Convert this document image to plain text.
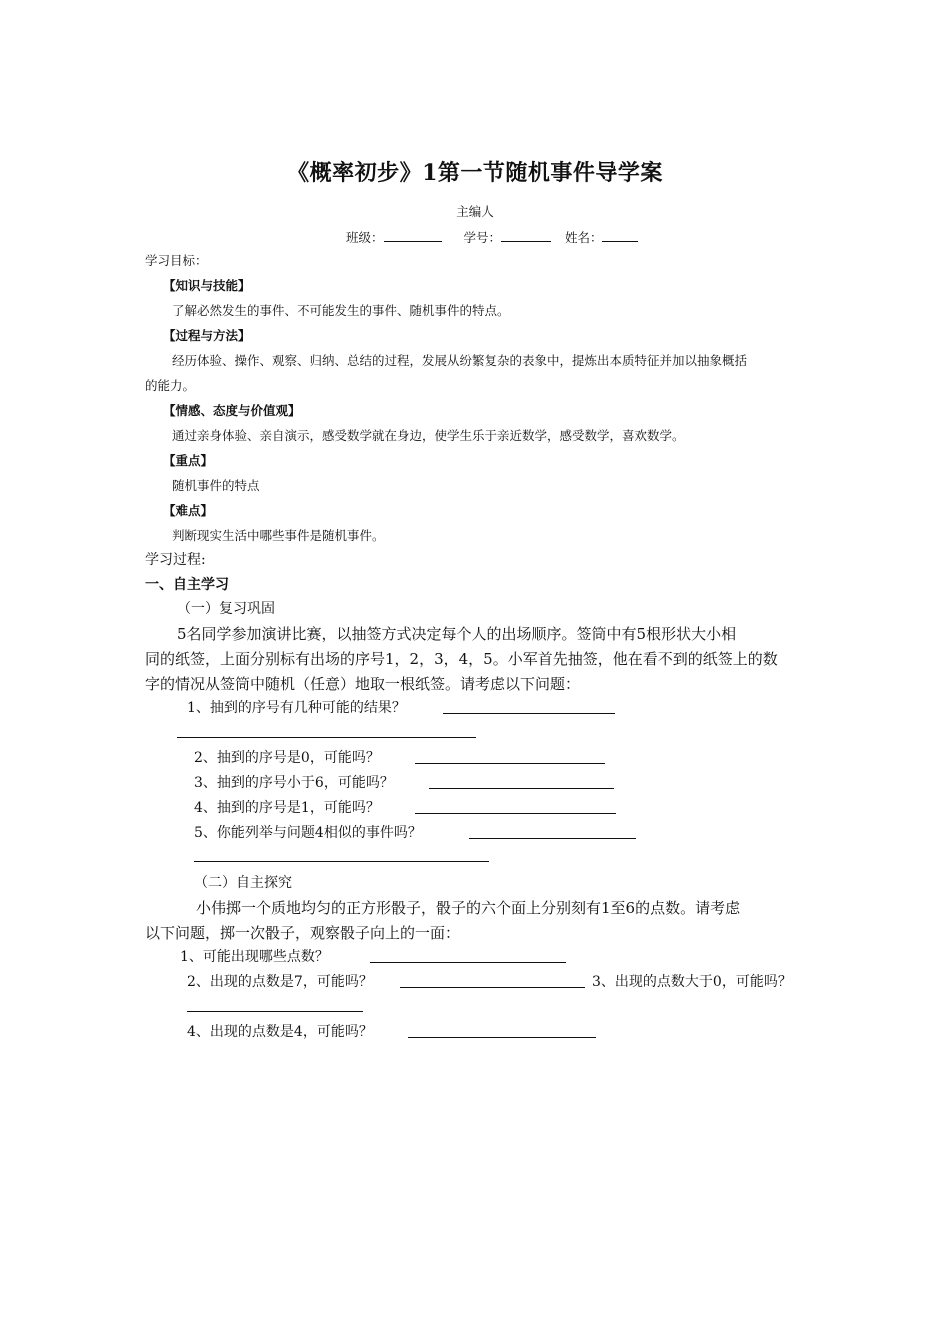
《概率初步》1第一节随机事件导学案
主编人
班级：	学号：	姓名：
学习目标：
【知识与技能】
了解必然发生的事件、不可能发生的事件、随机事件的特点。
【过程与方法】
经历体验、操作、观察、归纳、总结的过程，发展从纷繁复杂的表象中，提炼出本质特征并加以抽象概括
的能力。
【情感、态度与价值观】
通过亲身体验、亲自演示，感受数学就在身边，使学生乐于亲近数学，感受数学，喜欢数学。
【重点】
随机事件的特点
【难点】
判断现实生活中哪些事件是随机事件。
学习过程:
一、自主学习
（一）复习巩固
5名同学参加演讲比赛，以抽签方式决定每个人的出场顺序。签筒中有5根形状大小相
同的纸签，上面分别标有出场的序号1，2，3，4，5。小军首先抽签，他在看不到的纸签上的数
字的情况从签筒中随机（任意）地取一根纸签。请考虑以下问题：
1、抽到的序号有几种可能的结果？
2、抽到的序号是0，可能吗？
3、抽到的序号小于6，可能吗？
4、抽到的序号是1，可能吗？
5、你能列举与问题4相似的事件吗？
（二）自主探究
小伟掷一个质地均匀的正方形骰子，骰子的六个面上分别刻有1至6的点数。请考虑
以下问题，掷一次骰子，观察骰子向上的一面：
1、可能出现哪些点数？
2、出现的点数是7，可能吗？	3、出现的点数大于0，可能吗？
4、出现的点数是4，可能吗？
